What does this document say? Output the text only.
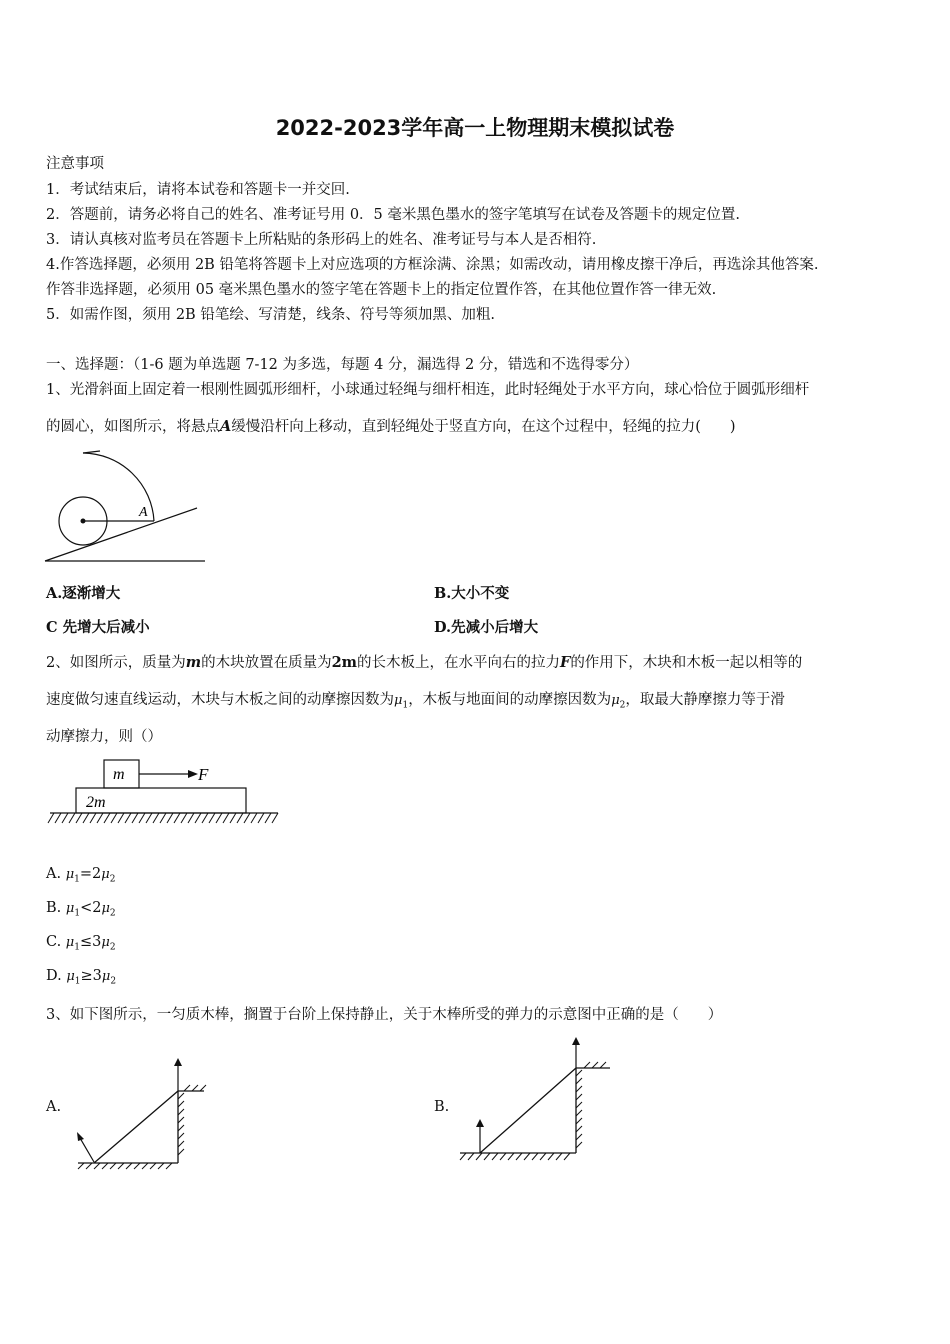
2022-2023学年高一上物理期末模拟试卷
注意事项
1．考试结束后，请将本试卷和答题卡一并交回.
2．答题前，请务必将自己的姓名、准考证号用 0．5 毫米黑色墨水的签字笔填写在试卷及答题卡的规定位置.
3．请认真核对监考员在答题卡上所粘贴的条形码上的姓名、准考证号与本人是否相符.
4.作答选择题，必须用 2B 铅笔将答题卡上对应选项的方框涂满、涂黑；如需改动，请用橡皮擦干净后，再选涂其他答案.
作答非选择题，必须用 05 毫米黑色墨水的签字笔在答题卡上的指定位置作答，在其他位置作答一律无效.
5．如需作图，须用 2B 铅笔绘、写清楚，线条、符号等须加黑、加粗.
一、选择题：（1-6 题为单选题 7-12 为多选，每题 4 分，漏选得 2 分，错选和不选得零分）
1、光滑斜面上固定着一根刚性圆弧形细杆，小球通过轻绳与细杆相连，此时轻绳处于水平方向，球心恰位于圆弧形细杆
的圆心，如图所示，将悬点A缓慢沿杆向上移动，直到轻绳处于竖直方向，在这个过程中，轻绳的拉力(　　)
A
A.逐渐增大	B.大小不变
C 先增大后减小	D.先减小后增大
2、如图所示，质量为m的木块放置在质量为2m的长木板上，在水平向右的拉力F的作用下，木块和木板一起以相等的
速度做匀速直线运动，木块与木板之间的动摩擦因数为$\mu_1$，木板与地面间的动摩擦因数为$\mu_2$，取最大静摩擦力等于滑
动摩擦力，则（）
m	F
2m
A. $\mu_1=2\mu_2$
B. $\mu_1<2\mu_2$
C. $\mu_1\le 3\mu_2$
D. $\mu_1\ge 3\mu_2$
3、如下图所示，一匀质木棒，搁置于台阶上保持静止，关于木棒所受的弹力的示意图中正确的是（　　）
A.	B.
